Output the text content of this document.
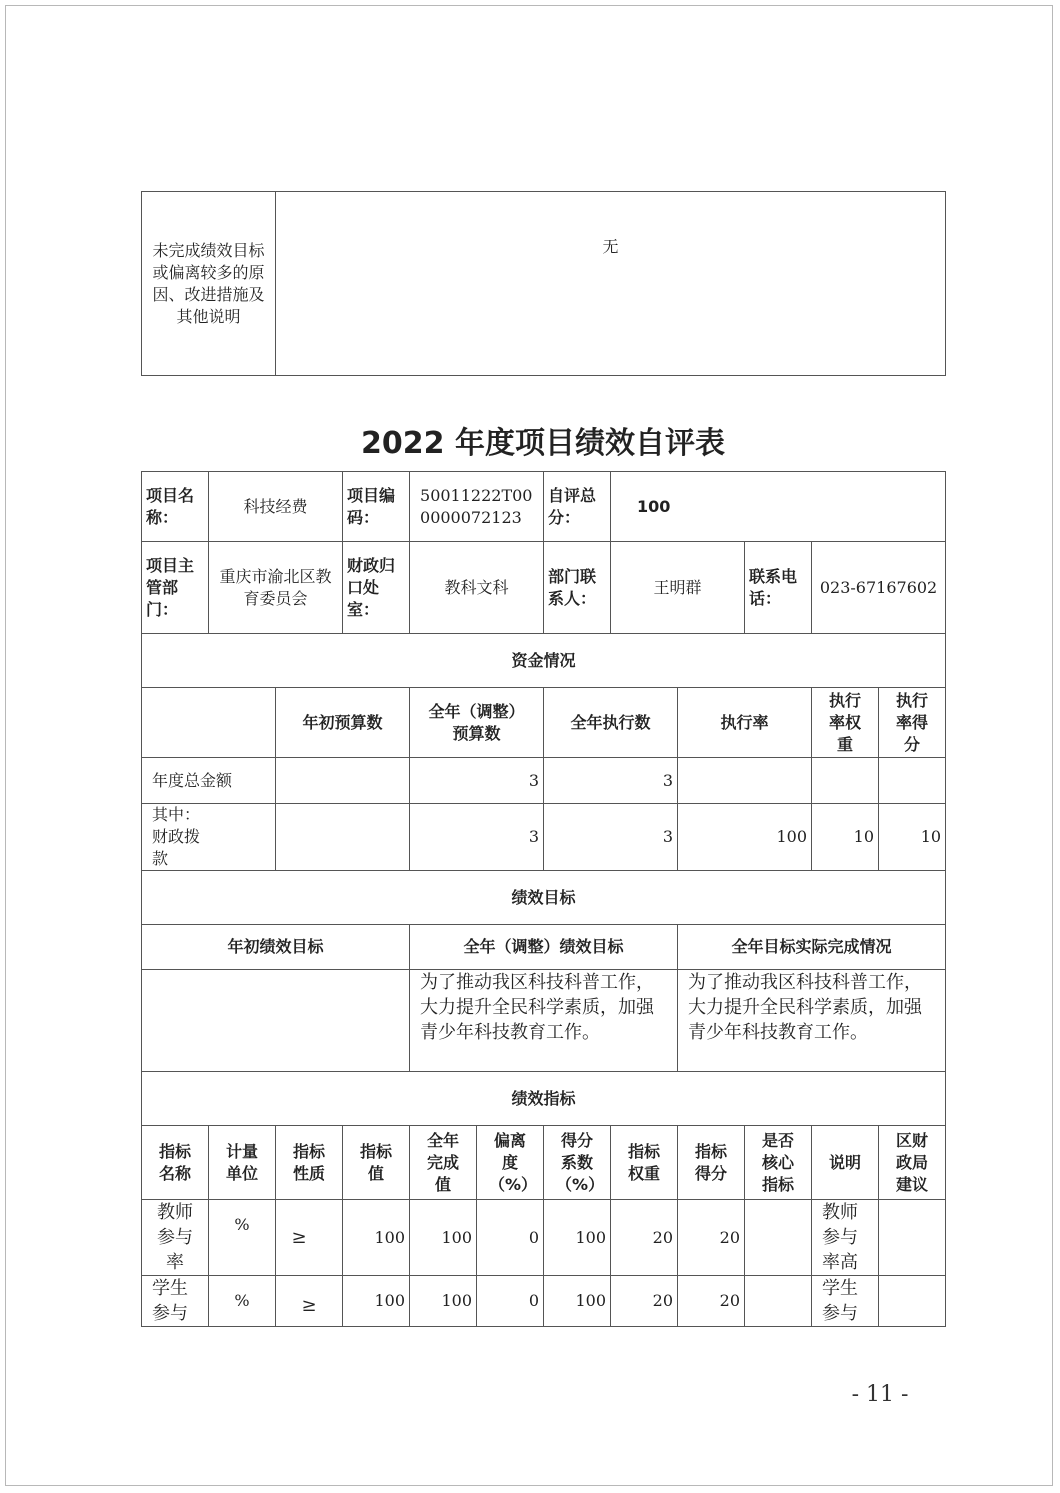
未完成绩效目标或偏离较多的原因、改进措施及其他说明	无
2022 年度项目绩效自评表
项目名称：	科技经费		项目编码：	50011222T000000072123		自评总分：	100				
项目主管部门：	重庆市渝北区教育委员会		财政归口处室：	教科文科		部门联系人：	王明群		联系电话：	023-67167602	
资金情况											
		年初预算数		全年（调整）预算数		全年执行数		执行率		执行率权重	执行率得分
年度总金额				3		3					
其中：财政拨款				3		3		100		10	10
绩效目标											
年初绩效目标				全年（调整）绩效目标				全年目标实际完成情况			
				为了推动我区科技科普工作，大力提升全民科学素质，加强青少年科技教育工作。				为了推动我区科技科普工作，大力提升全民科学素质，加强青少年科技教育工作。			
绩效指标											
指标名称	计量单位	指标性质	指标值	全年完成值	偏离度（%）	得分系数（%）	指标权重	指标得分	是否核心指标	说明	区财政局建议
教师参与率	%	≥	100	100	0	100	20	20		教师参与率高	
学生参与	%	≥	100	100	0	100	20	20		学生参与	
- 11 -
